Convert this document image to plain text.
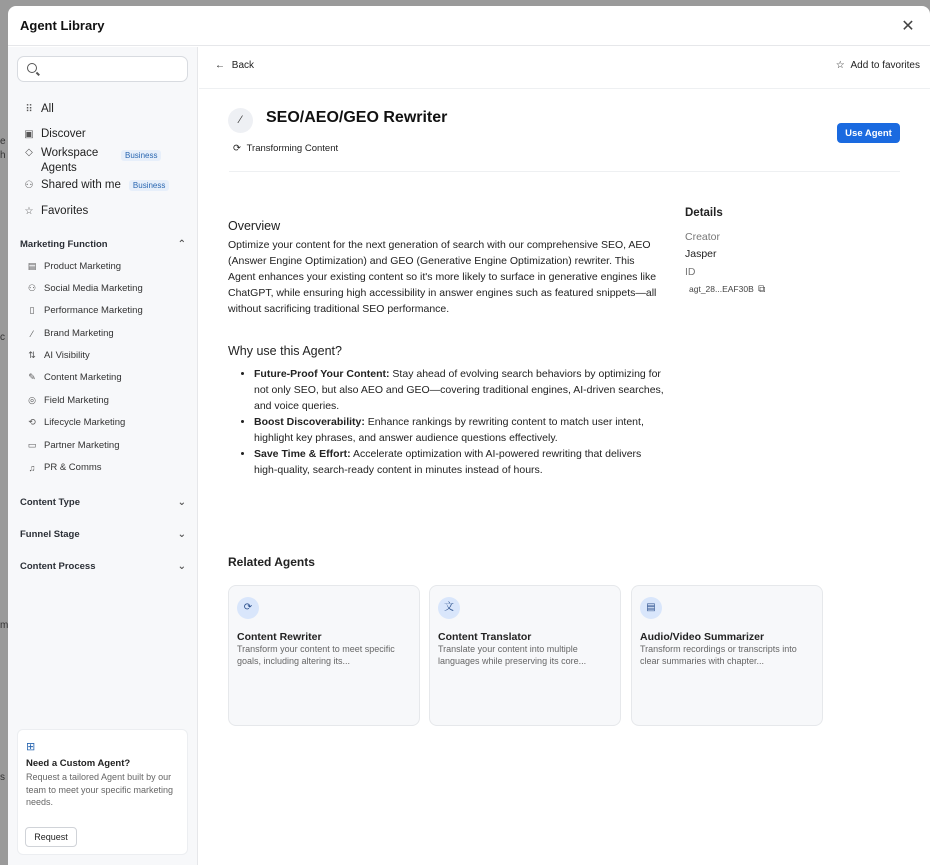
e
h
c
m
s
Agent Library	✕
⠿ All
▣ Discover
◇ Workspace Agents
Business
⚇ Shared with me	Business
☆ Favorites
Marketing Function	⌃
▤ Product Marketing
⚇ Social Media Marketing
▯	Performance Marketing
⁄	Brand Marketing
⇅ AI Visibility
✎ Content Marketing
◎ Field Marketing
⟲ Lifecycle Marketing
▭ Partner Marketing
♫ PR & Comms
Content Type	⌄
Funnel Stage	⌄
Content Process	⌄
⊞
Need a Custom Agent?
Request a tailored Agent built by our team to meet your specific marketing needs.
Request
← Back	☆ Add to favorites
⁄	SEO/AEO/GEO Rewriter
⟳ Transforming Content
Use Agent
Overview
Optimize your content for the next generation of search with our comprehensive SEO, AEO (Answer Engine Optimization) and GEO (Generative Engine Optimization) rewriter. This Agent enhances your existing content so it's more likely to surface in generative engines like ChatGPT, while ensuring high accessibility in answer engines such as featured snippets—all without sacrificing traditional SEO performance.
Why use this Agent?
• Future-Proof Your Content: Stay ahead of evolving search behaviors by optimizing for not only SEO, but also AEO and GEO—covering traditional engines, AI-driven searches, and voice queries.
• Boost Discoverability: Enhance rankings by rewriting content to match user intent, highlight key phrases, and answer audience questions effectively.
• Save Time & Effort: Accelerate optimization with AI-powered rewriting that delivers high-quality, search-ready content in minutes instead of hours.
Details
Creator
Jasper
ID
agt_28...EAF30B ⧉
Related Agents
⟳
Content Rewriter
Transform your content to meet specific goals, including altering its...
文
Content Translator
Translate your content into multiple languages while preserving its core...
▤
Audio/Video Summarizer
Transform recordings or transcripts into clear summaries with chapter...
